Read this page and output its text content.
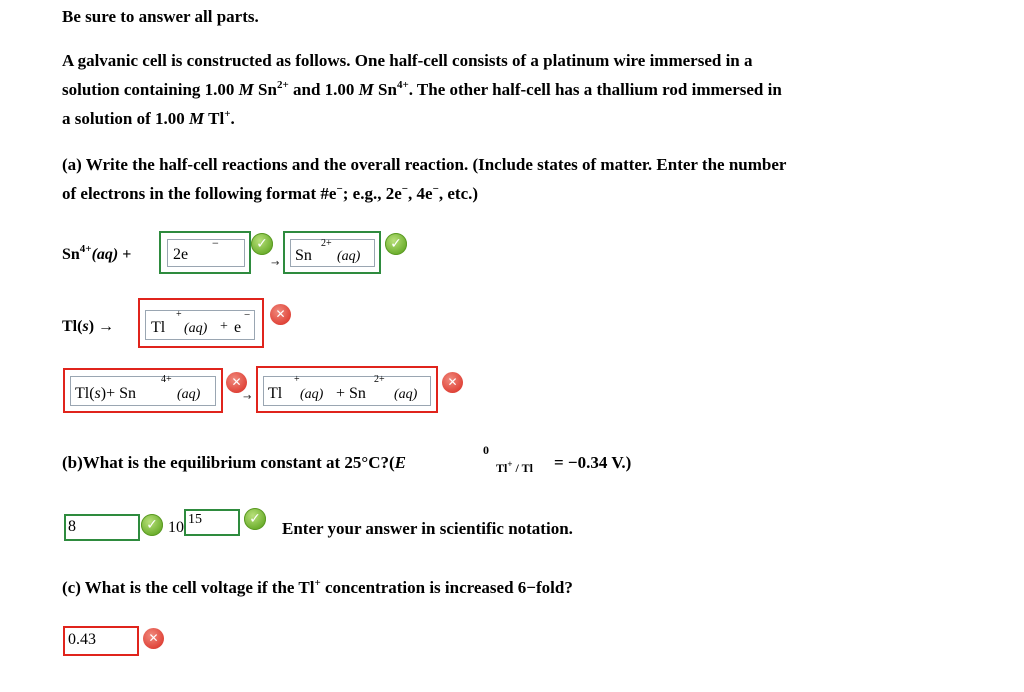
Be sure to answer all parts.
A galvanic cell is constructed as follows. One half-cell consists of a platinum wire immersed in a
solution containing 1.00 M $Sn^{2+}$ and 1.00 M $Sn^{4+}$. The other half-cell has a thallium rod immersed in
a solution of 1.00 M Tl+.
(a) Write the half-cell reactions and the overall reaction. (Include states of matter. Enter the number
of electrons in the following format #e−; e.g., 2e−, 4e−, etc.)
$Sn^{4+}(aq)$ +
−
2e
✓
→
2+
Sn (aq)
✓
Tl(s) →
+
Tl (aq) + e
−	✕
4+
Tl(s)+ Sn	(aq)
✕
→
+
Tl (aq) + Sn
2+
(aq)
✕
(b)What is the equilibrium constant at 25°C?(E
0
Tl+ / Tl = −0.34 V.)
8	✓ 10 15	✓	Enter your answer in scientific notation.
(c) What is the cell voltage if the Tl+ concentration is increased 6−fold?
0.43	✕
